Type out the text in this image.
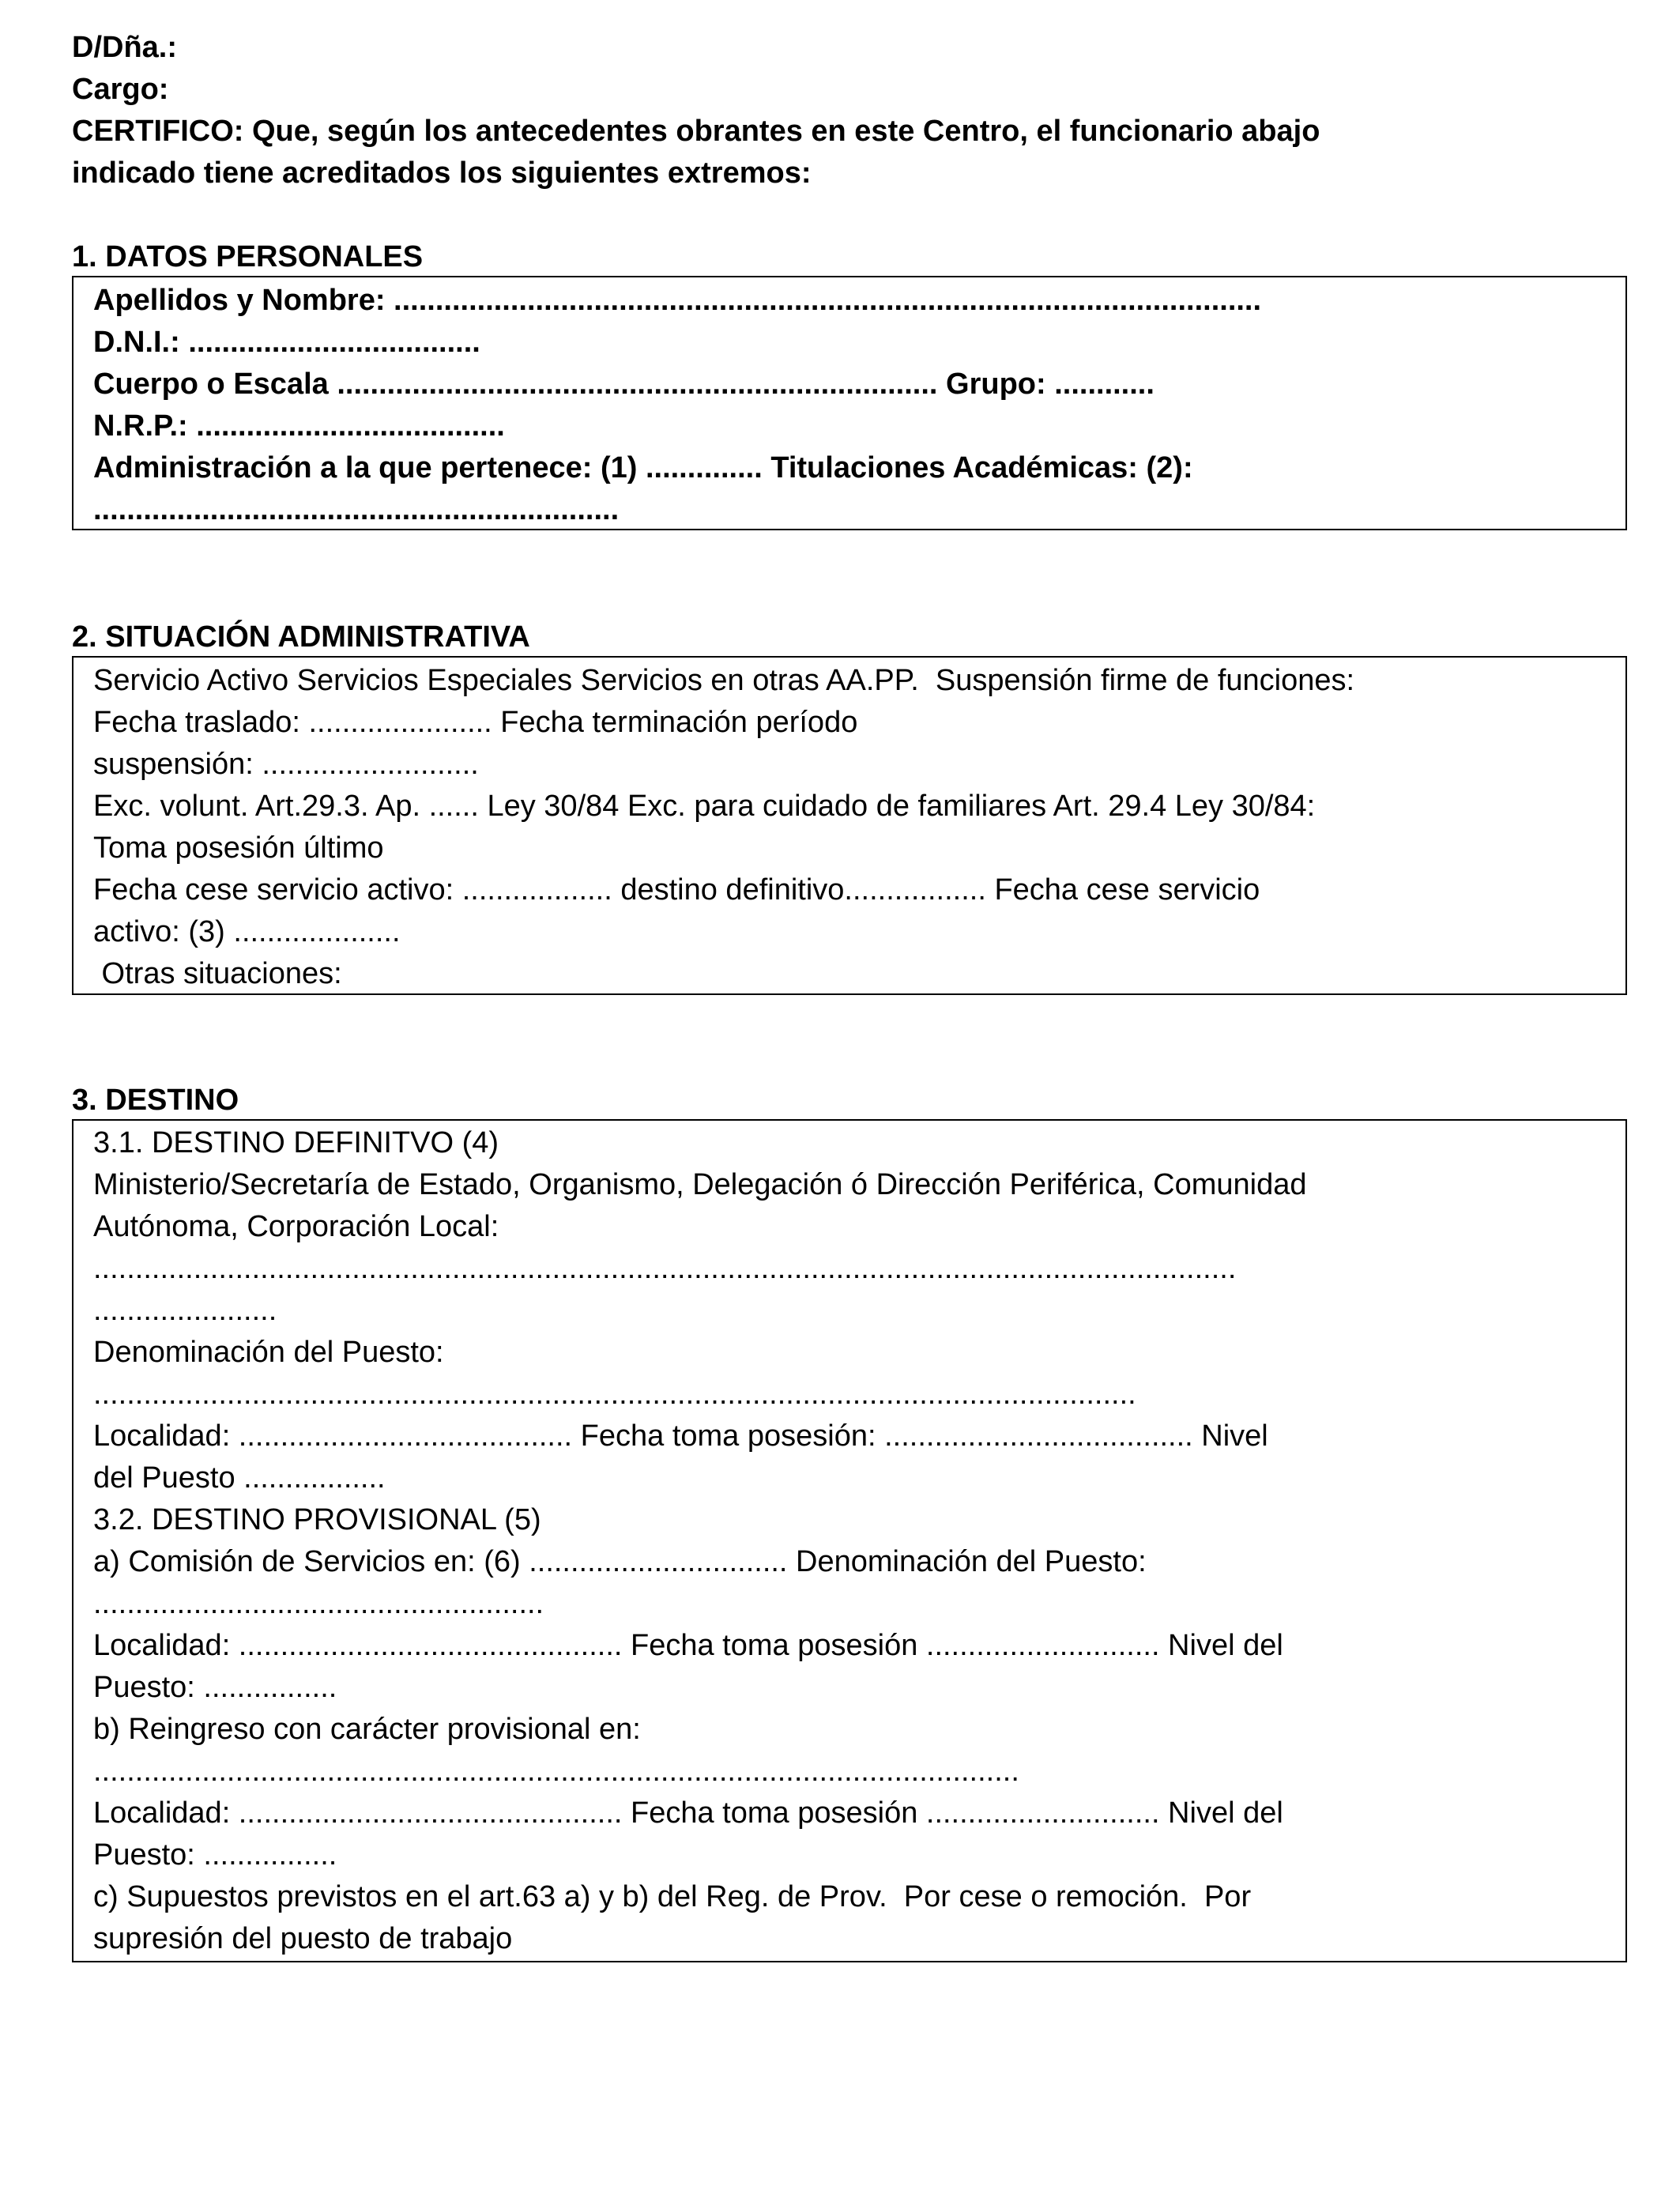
D/Dña.:
Cargo:
CERTIFICO: Que, según los antecedentes obrantes en este Centro, el funcionario abajo
indicado tiene acreditados los siguientes extremos:
1. DATOS PERSONALES
Apellidos y Nombre: ........................................................................................................
D.N.I.: ...................................
Cuerpo o Escala ........................................................................ Grupo: ............
N.R.P.: .....................................
Administración a la que pertenece: (1) .............. Titulaciones Académicas: (2):
...............................................................
2. SITUACIÓN ADMINISTRATIVA
Servicio Activo Servicios Especiales Servicios en otras AA.PP.  Suspensión firme de funciones:
Fecha traslado: ...................... Fecha terminación período
suspensión: ..........................
Exc. volunt. Art.29.3. Ap. ...... Ley 30/84 Exc. para cuidado de familiares Art. 29.4 Ley 30/84:
Toma posesión último
Fecha cese servicio activo: .................. destino definitivo................. Fecha cese servicio
activo: (3) ....................
Otras situaciones:
3. DESTINO
3.1. DESTINO DEFINITVO (4)
Ministerio/Secretaría de Estado, Organismo, Delegación ó Dirección Periférica, Comunidad
Autónoma, Corporación Local:
.........................................................................................................................................
......................
Denominación del Puesto:
.............................................................................................................................
Localidad: ........................................ Fecha toma posesión: ..................................... Nivel
del Puesto .................
3.2. DESTINO PROVISIONAL (5)
a) Comisión de Servicios en: (6) ............................... Denominación del Puesto:
......................................................
Localidad: .............................................. Fecha toma posesión ............................ Nivel del
Puesto: ................
b) Reingreso con carácter provisional en:
...............................................................................................................
Localidad: .............................................. Fecha toma posesión ............................ Nivel del
Puesto: ................
c) Supuestos previstos en el art.63 a) y b) del Reg. de Prov.  Por cese o remoción.  Por
supresión del puesto de trabajo
